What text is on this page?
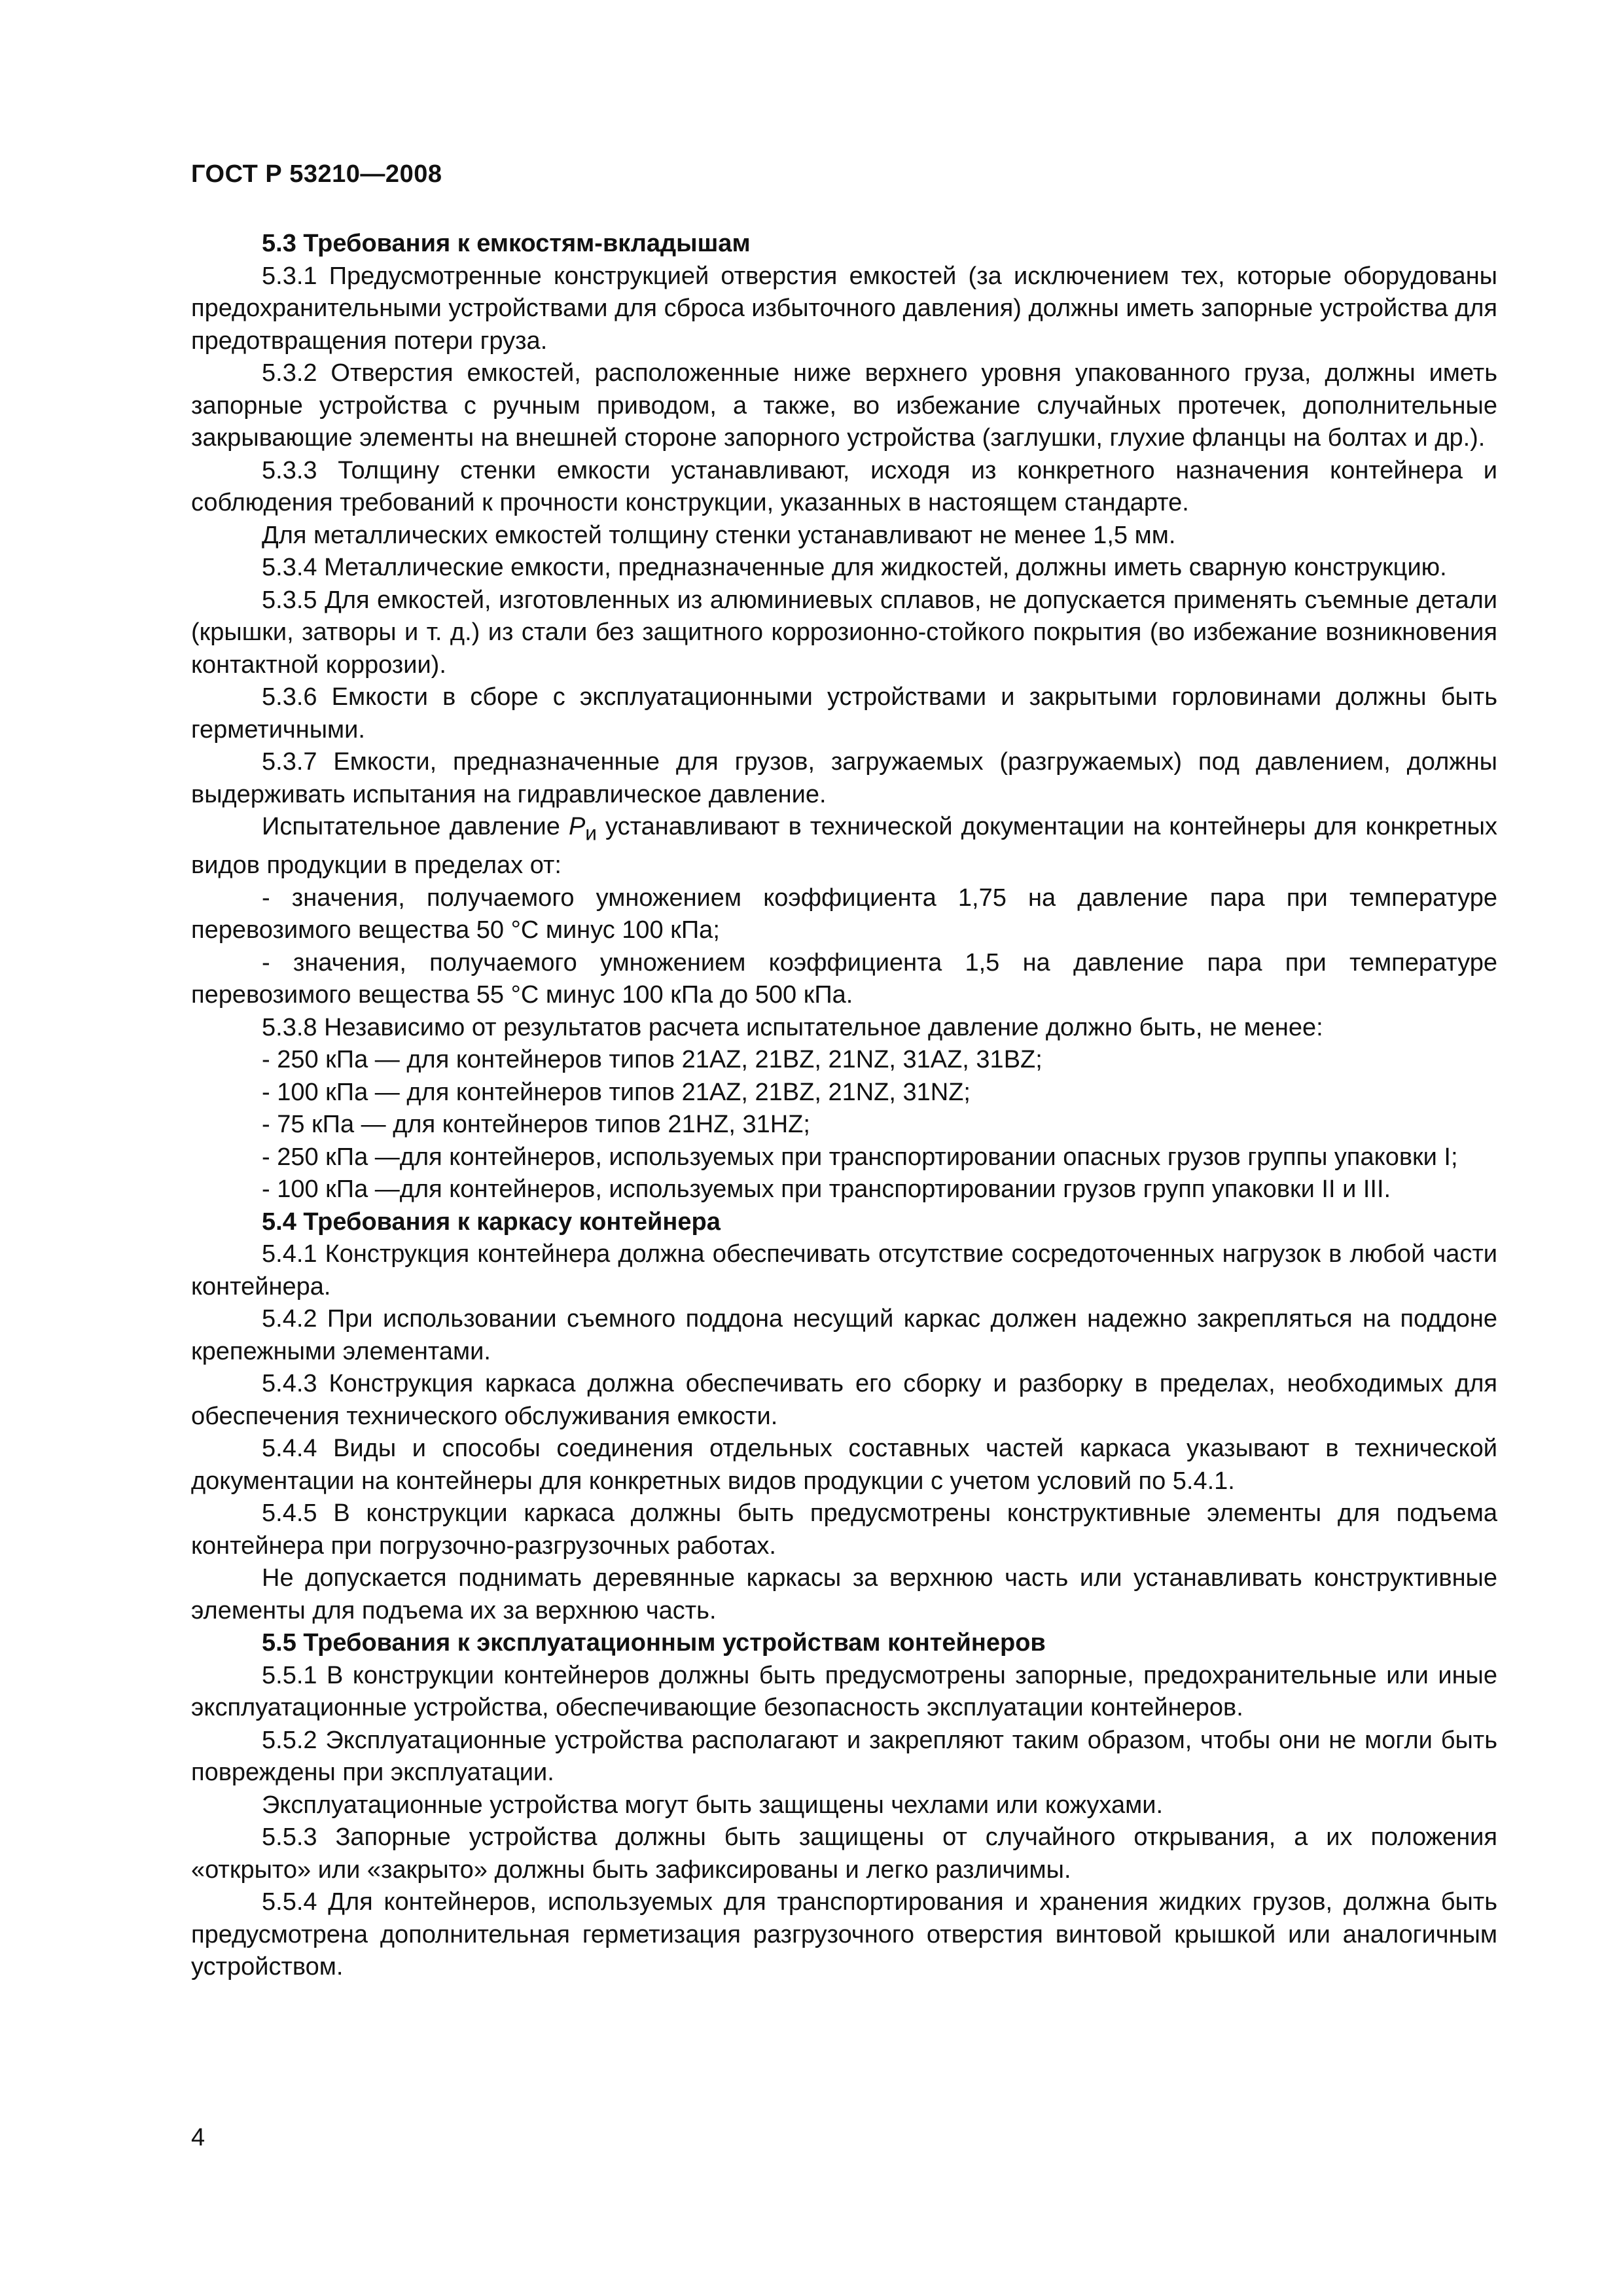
ГОСТ Р 53210—2008

5.3 Требования к емкостям-вкладышам

5.3.1 Предусмотренные конструкцией отверстия емкостей (за исключением тех, которые оборудованы предохранительными устройствами для сброса избыточного давления) должны иметь запорные устройства для предотвращения потери груза.

5.3.2 Отверстия емкостей, расположенные ниже верхнего уровня упакованного груза, должны иметь запорные устройства с ручным приводом, а также, во избежание случайных протечек, дополнительные закрывающие элементы на внешней стороне запорного устройства (заглушки, глухие фланцы на болтах и др.).

5.3.3 Толщину стенки емкости устанавливают, исходя из конкретного назначения контейнера и соблюдения требований к прочности конструкции, указанных в настоящем стандарте.

Для металлических емкостей толщину стенки устанавливают не менее 1,5 мм.

5.3.4 Металлические емкости, предназначенные для жидкостей, должны иметь сварную конструкцию.

5.3.5 Для емкостей, изготовленных из алюминиевых сплавов, не допускается применять съемные детали (крышки, затворы и т. д.) из стали без защитного коррозионно-стойкого покрытия (во избежание возникновения контактной коррозии).

5.3.6 Емкости в сборе с эксплуатационными устройствами и закрытыми горловинами должны быть герметичными.

5.3.7 Емкости, предназначенные для грузов, загружаемых (разгружаемых) под давлением, должны выдерживать испытания на гидравлическое давление.

Испытательное давление $P_и$ устанавливают в технической документации на контейнеры для конкретных видов продукции в пределах от:

- значения, получаемого умножением коэффициента 1,75 на давление пара при температуре перевозимого вещества 50 °С минус 100 кПа;

- значения, получаемого умножением коэффициента 1,5 на давление пара при температуре перевозимого вещества 55 °С минус 100 кПа до 500 кПа.

5.3.8 Независимо от результатов расчета испытательное давление должно быть, не менее:

- 250 кПа — для контейнеров типов 21AZ, 21BZ, 21NZ, 31AZ, 31BZ;

- 100 кПа — для контейнеров типов 21AZ, 21BZ, 21NZ, 31NZ;

- 75 кПа — для контейнеров типов 21HZ, 31HZ;

- 250 кПа —для контейнеров, используемых при транспортировании опасных грузов группы упаковки I;

- 100 кПа —для контейнеров, используемых при транспортировании грузов групп упаковки II и III.

5.4 Требования к каркасу контейнера

5.4.1 Конструкция контейнера должна обеспечивать отсутствие сосредоточенных нагрузок в любой части контейнера.

5.4.2 При использовании съемного поддона несущий каркас должен надежно закрепляться на поддоне крепежными элементами.

5.4.3 Конструкция каркаса должна обеспечивать его сборку и разборку в пределах, необходимых для обеспечения технического обслуживания емкости.

5.4.4 Виды и способы соединения отдельных составных частей каркаса указывают в технической документации на контейнеры для конкретных видов продукции с учетом условий по 5.4.1.

5.4.5 В конструкции каркаса должны быть предусмотрены конструктивные элементы для подъема контейнера при погрузочно-разгрузочных работах.

Не допускается поднимать деревянные каркасы за верхнюю часть или устанавливать конструктивные элементы для подъема их за верхнюю часть.

5.5 Требования к эксплуатационным устройствам контейнеров

5.5.1 В конструкции контейнеров должны быть предусмотрены запорные, предохранительные или иные эксплуатационные устройства, обеспечивающие безопасность эксплуатации контейнеров.

5.5.2 Эксплуатационные устройства располагают и закрепляют таким образом, чтобы они не могли быть повреждены при эксплуатации.

Эксплуатационные устройства могут быть защищены чехлами или кожухами.

5.5.3 Запорные устройства должны быть защищены от случайного открывания, а их положения «открыто» или «закрыто» должны быть зафиксированы и легко различимы.

5.5.4 Для контейнеров, используемых для транспортирования и хранения жидких грузов, должна быть предусмотрена дополнительная герметизация разгрузочного отверстия винтовой крышкой или аналогичным устройством.

4
